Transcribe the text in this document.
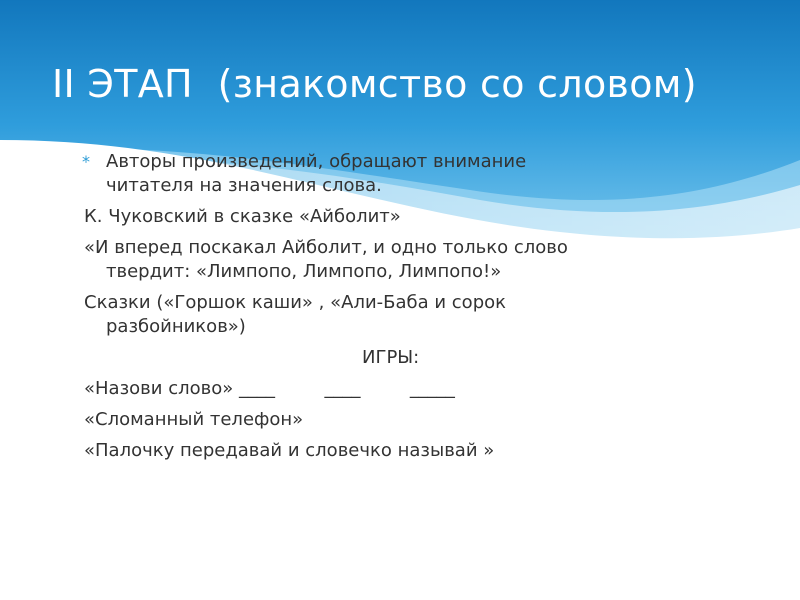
II ЭТАП  (знакомство со словом)
* Авторы произведений, обращают внимание
читателя на значения слова.
К. Чуковский в сказке «Айболит»
«И вперед поскакал Айболит, и одно только слово
твердит: «Лимпопо, Лимпопо, Лимпопо!»
Сказки («Горшок каши» , «Али-Баба и сорок
разбойников»)
ИГРЫ:
«Назови слово» ____	____	_____
«Сломанный телефон»
«Палочку передавай и словечко называй »
